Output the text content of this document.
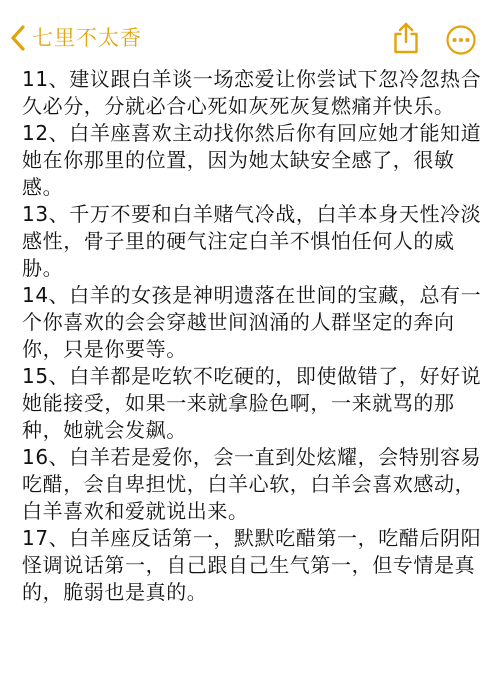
七里不太香

11、建议跟白羊谈一场恋爱让你尝试下忽冷忽热合久必分，分就必合心死如灰死灰复燃痛并快乐。

12、白羊座喜欢主动找你然后你有回应她才能知道她在你那里的位置，因为她太缺安全感了，很敏感。

13、千万不要和白羊赌气冷战，白羊本身天性冷淡感性，骨子里的硬气注定白羊不惧怕任何人的威胁。

14、白羊的女孩是神明遗落在世间的宝藏，总有一个你喜欢的会会穿越世间汹涌的人群坚定的奔向你，只是你要等。

15、白羊都是吃软不吃硬的，即使做错了，好好说她能接受，如果一来就拿脸色啊，一来就骂的那种，她就会发飙。

16、白羊若是爱你，会一直到处炫耀，会特别容易吃醋，会自卑担忧，白羊心软，白羊会喜欢感动，白羊喜欢和爱就说出来。

17、白羊座反话第一，默默吃醋第一，吃醋后阴阳怪调说话第一，自己跟自己生气第一，但专情是真的，脆弱也是真的。
